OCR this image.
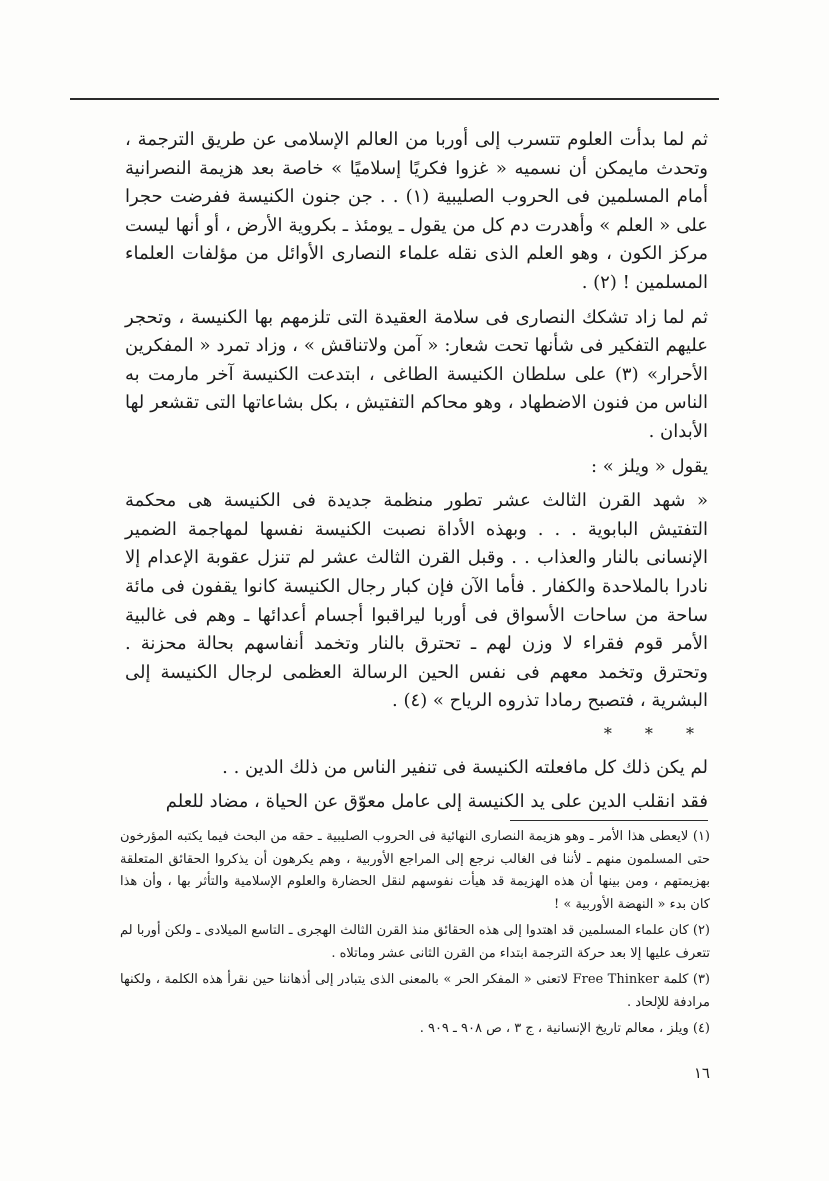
ثم لما بدأت العلوم تتسرب إلى أوربا من العالم الإسلامى عن طريق الترجمة ، وتحدث مايمكن أن نسميه « غزوا فكريًا إسلاميًا » خاصة بعد هزيمة النصرانية أمام المسلمين فى الحروب الصليبية (١) . . جن جنون الكنيسة ففرضت حجرا على « العلم » وأهدرت دم كل من يقول ـ يومئذ ـ بكروية الأرض ، أو أنها ليست مركز الكون ، وهو العلم الذى نقله علماء النصارى الأوائل من مؤلفات العلماء المسلمين ! (٢) .

ثم لما زاد تشكك النصارى فى سلامة العقيدة التى تلزمهم بها الكنيسة ، وتحجر عليهم التفكير فى شأنها تحت شعار: « آمن ولاتناقش » ، وزاد تمرد « المفكرين الأحرار» (٣) على سلطان الكنيسة الطاغى ، ابتدعت الكنيسة آخر مارمت به الناس من فنون الاضطهاد ، وهو محاكم التفتيش ، بكل بشاعاتها التى تقشعر لها الأبدان .

يقول « ويلز » :

« شهد القرن الثالث عشر تطور منظمة جديدة فى الكنيسة هى محكمة التفتيش البابوية . . . وبهذه الأداة نصبت الكنيسة نفسها لمهاجمة الضمير الإنسانى بالنار والعذاب . . وقبل القرن الثالث عشر لم تنزل عقوبة الإعدام إلا نادرا بالملاحدة والكفار . فأما الآن فإن كبار رجال الكنيسة كانوا يقفون فى مائة ساحة من ساحات الأسواق فى أوربا ليراقبوا أجسام أعدائها ـ وهم فى غالبية الأمر قوم فقراء لا وزن لهم ـ تحترق بالنار وتخمد أنفاسهم بحالة محزنة . وتحترق وتخمد معهم فى نفس الحين الرسالة العظمى لرجال الكنيسة إلى البشرية ، فتصبح رمادا تذروه الرياح » (٤) .

* * *

لم يكن ذلك كل مافعلته الكنيسة فى تنفير الناس من ذلك الدين . .

فقد انقلب الدين على يد الكنيسة إلى عامل معوّق عن الحياة ، مضاد للعلم

(١) لايعطى هذا الأمر ـ وهو هزيمة النصارى النهائية فى الحروب الصليبية ـ حقه من البحث فيما يكتبه المؤرخون حتى المسلمون منهم ـ لأننا فى الغالب نرجع إلى المراجع الأوربية ، وهم يكرهون أن يذكروا الحقائق المتعلقة بهزيمتهم ، ومن بينها أن هذه الهزيمة قد هيأت نفوسهم لنقل الحضارة والعلوم الإسلامية والتأثر بها ، وأن هذا كان بدء « النهضة الأوربية » !

(٢) كان علماء المسلمين قد اهتدوا إلى هذه الحقائق منذ القرن الثالث الهجرى ـ التاسع الميلادى ـ ولكن أوربا لم تتعرف عليها إلا بعد حركة الترجمة ابتداء من القرن الثانى عشر وماتلاه .

(٣) كلمة Free Thinker لاتعنى « المفكر الحر » بالمعنى الذى يتبادر إلى أذهاننا حين نقرأ هذه الكلمة ، ولكنها مرادفة للإلحاد .

(٤) ويلز ، معالم تاريخ الإنسانية ، ج ٣ ، ص ٩٠٨ ـ ٩٠٩ .

١٦
